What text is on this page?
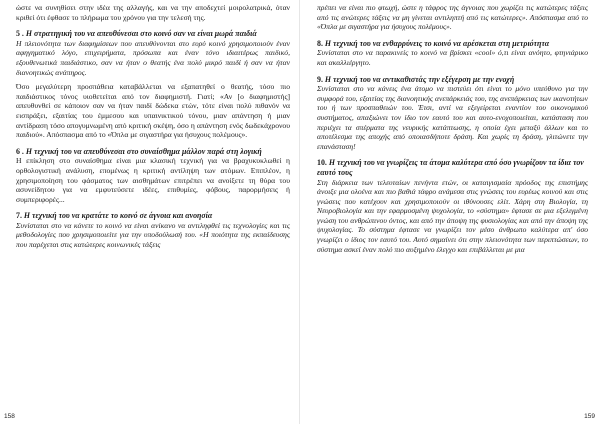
ώστε να συνηθίσει στην ιδέα της αλλαγής, και να την αποδεχτεί μοιρολατρικά, όταν κριθεί ότι έφθασε το πλήρωμα του χρόνου για την τελεσή της.

5 . Η στρατηγική του να απευθύνεσαι στο κοινό σαν να είναι μωρά παιδιά

Η πλειονότητα των διαφημίσεων που απευθύνονται στο ευρύ κοινό χρησιμοποιούν έναν αφηγηματικό λόγο, επιχειρήματα, πρόσωπα και έναν τόνο ιδιαιτέρως παιδικό, εξουθενωτικά παιδιάστικο, σαν να ήταν ο θεατής ένα πολύ μικρό παιδί ή σαν να ήταν διανοητικώς ανάπηρος.

Όσο μεγαλύτερη προσπάθεια καταβάλλεται να εξαπατηθεί ο θεατής, τόσο πιο παιδιάστικος τόνος υιοθετείται από τον διαφημιστή. Γιατί; «Αν [ο διαφημιστής] απευθυνθεί σε κάποιον σαν να ήταν παιδί δώδεκα ετών, τότε είναι πολύ πιθανόν να εισπράξει, εξαιτίας του έμμεσου και υπαινικτικού τόνου, μιαν απάντηση ή μιαν αντίδραση τόσο απογυμνωμένη από κριτική σκέψη, όσο η απάντηση ενός δωδεκάχρονου παιδιού». Απόσπασμα από το «Όπλα με σιγαστήρα για ήσυχους πολέμους».

6 . Η τεχνική του να απευθύνεσαι στο συναίσθημα μάλλον παρά στη λογική

Η επίκληση στο συναίσθημα είναι μια κλασική τεχνική για να βραχυκυκλωθεί η ορθολογιστική ανάλυση, επομένως η κριτική αντίληψη των ατόμων. Επιπλέον, η χρησιμοποίηση του φάσματος των αισθημάτων επιτρέπει να ανοίξετε τη θύρα του ασυνείδητου για να εμφυτεύσετε ιδέες, επιθυμίες, φόβους, παρορμήσεις ή συμπεριφορές...

7. Η τεχνική του να κρατάτε το κοινό σε άγνοια και ανοησία

Συνίσταται στο να κάνετε το κοινό να είναι ανίκανο να αντιληφθεί τις τεχνολογίες και τις μεθοδολογίες που χρησιμοποιείτε για την υποδούλωσή του. «Η ποιότητα της εκπαίδευσης που παρέχεται στις κατώτερες κοινωνικές τάξεις

158

πρέπει να είναι πιο φτωχή, ώστε η τάφρος της άγνοιας που χωρίζει τις κατώτερες τάξεις από τις ανώτερες τάξεις να μη γίνεται αντιληπτή από τις κατώτερες». Απόσπασμα από το «Όπλα με σιγαστήρα για ήσυχους πολέμους».

8. Η τεχνική του να ενθαρρύνεις το κοινό να αρέσκεται στη μετριότητα

Συνίσταται στο να παρακινείς το κοινό να βρίσκει «cool» ό,τι είναι ανόητο, φτηνιάρικο και ακαλλιέργητο.

9. Η τεχνική του να αντικαθιστάς την εξέγερση με την ενοχή

Συνίσταται στο να κάνεις ένα άτομο να πιστεύει ότι είναι το μόνο υπεύθυνο για την συμφορά του, εξαιτίας της διανοητικής ανεπάρκειάς του, της ανεπάρκειας των ικανοτήτων του ή των προσπαθειών του. Έτσι, αντί να εξεγείρεται εναντίον του οικονομικού συστήματος, απαξιώνει τον ίδιο τον εαυτό του και αυτο-ενοχοποιείται, κατάσταση που περιέχει τα σπέρματα της νευρικής κατάπτωσης, η οποία έχει μεταξύ άλλων και το αποτέλεσμα της αποχής από οποιασδήποτε δράση. Και χωρίς τη δράση, γλιτώνετε την επανάσταση!

10. Η τεχνική του να γνωρίζεις τα άτομα καλύτερα από όσο γνωρίζουν τα ίδια τον εαυτό τους

Στη διάρκεια των τελευταίων πενήντα ετών, οι καταιγισμαία πρόοδος της επιστήμης άνοιξε μια ολοένα και πιο βαθιά τάφρο ανάμεσα στις γνώσεις του ευρέως κοινού και στις γνώσεις που κατέχουν και χρησιμοποιούν οι ιθύνουσες ελίτ. Χάρη στη Βιολογία, τη Νευροβιολογία και την εφαρμοσμένη ψυχολογία, το «σύστημα» έφτασε σε μια εξελιγμένη γνώση του ανθρώπινου όντος, και από την άποψη της φυσιολογίας και από την άποψη της ψυχολογίας. Το σύστημα έφτασε να γνωρίζει τον μέσο άνθρωπο καλύτερα απ' όσο γνωρίζει ο ίδιος τον εαυτό του. Αυτό σημαίνει ότι στην πλειονότητα των περιπτώσεων, το σύστημα ασκεί έναν πολύ πιο αυξημένο έλεγχο και επιβάλλεται με μια

159
